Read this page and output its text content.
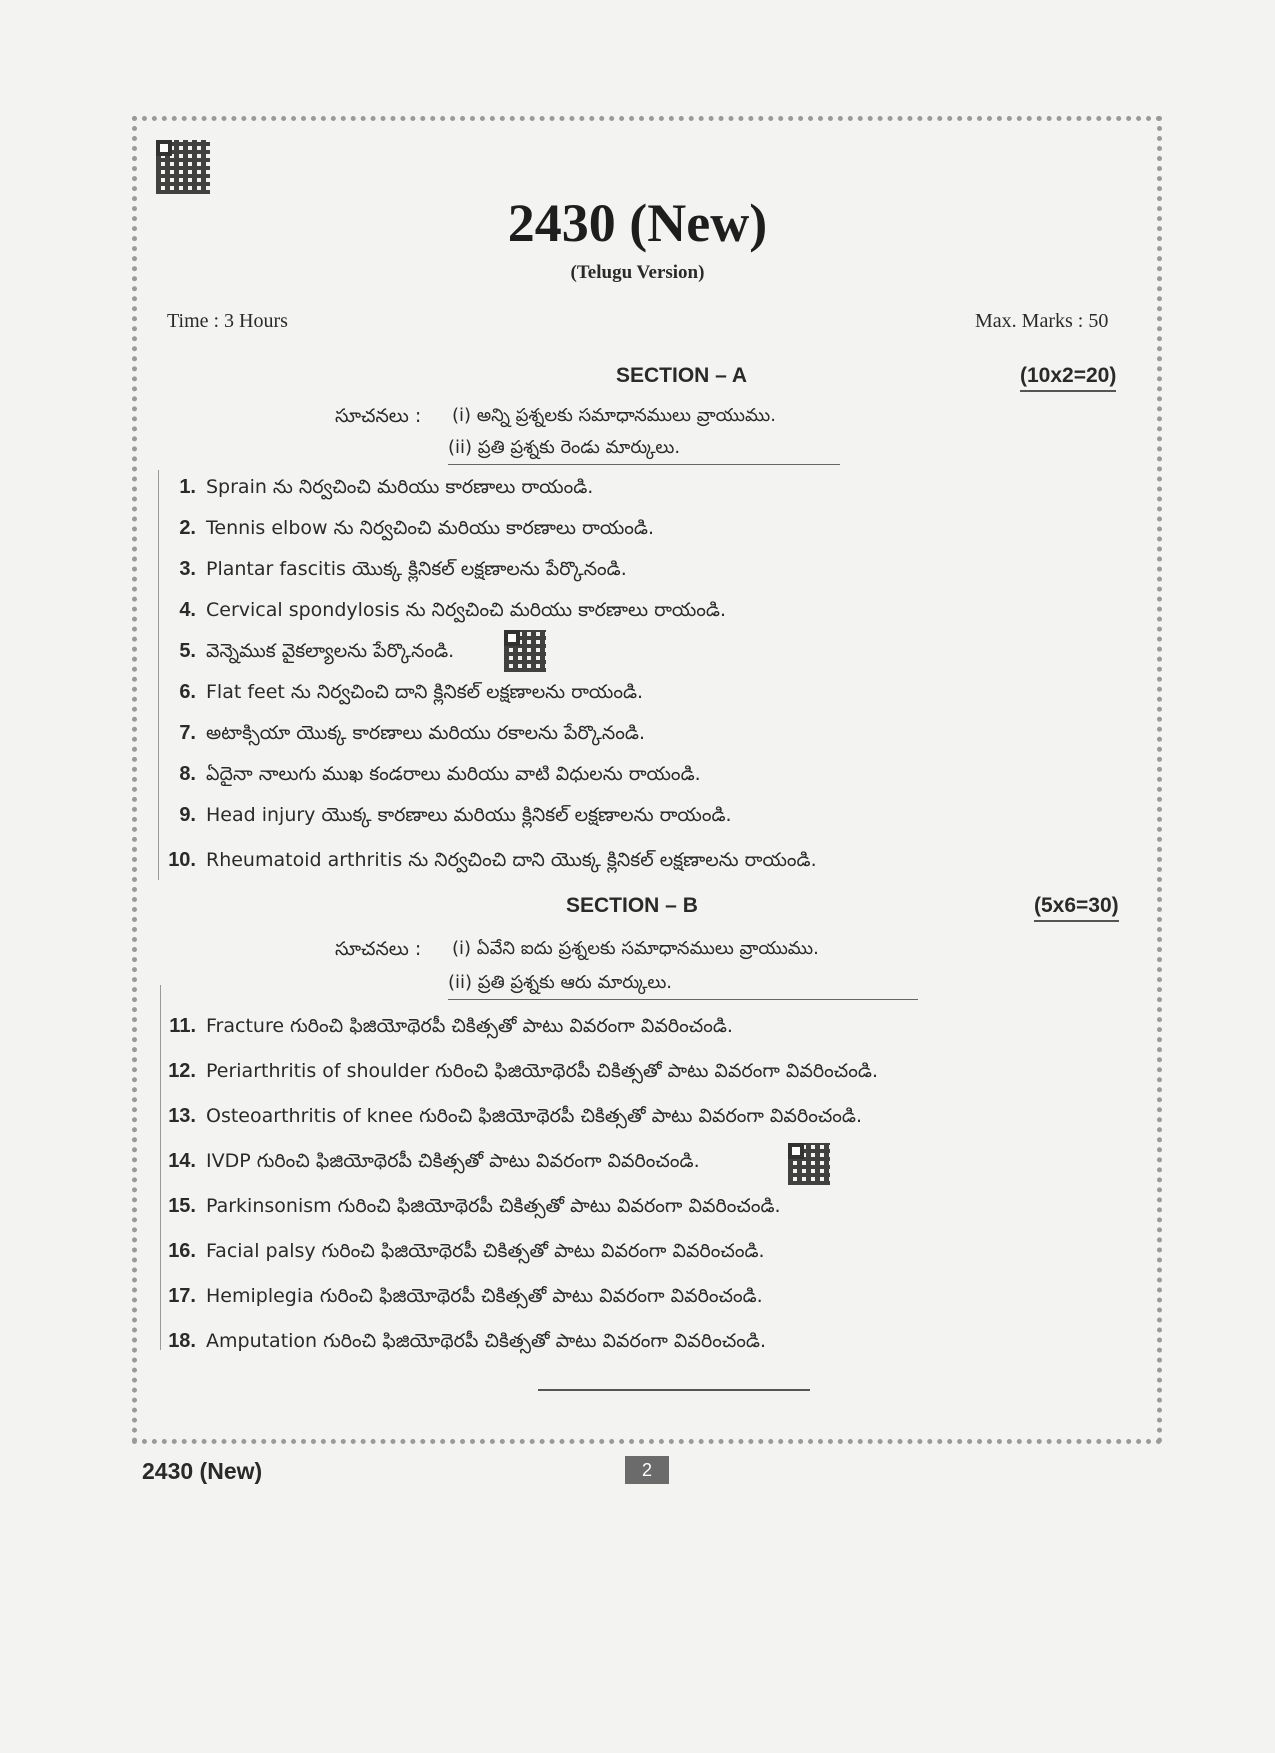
2430 (New)
(Telugu Version)
Time : 3 Hours	Max. Marks : 50
SECTION – A	(10x2=20)
సూచనలు : (i) అన్ని ప్రశ్నలకు సమాధానములు వ్రాయుము.
(ii) ప్రతి ప్రశ్నకు రెండు మార్కులు.
1. Sprain ను నిర్వచించి మరియు కారణాలు రాయండి.
2. Tennis elbow ను నిర్వచించి మరియు కారణాలు రాయండి.
3. Plantar fascitis యొక్క క్లినికల్ లక్షణాలను పేర్కొనండి.
4. Cervical spondylosis ను నిర్వచించి మరియు కారణాలు రాయండి.
5. వెన్నెముక వైకల్యాలను పేర్కొనండి.
6. Flat feet ను నిర్వచించి దాని క్లినికల్ లక్షణాలను రాయండి.
7. అటాక్సియా యొక్క కారణాలు మరియు రకాలను పేర్కొనండి.
8. ఏదైనా నాలుగు ముఖ కండరాలు మరియు వాటి విధులను రాయండి.
9. Head injury యొక్క కారణాలు మరియు క్లినికల్ లక్షణాలను రాయండి.
10. Rheumatoid arthritis ను నిర్వచించి దాని యొక్క క్లినికల్ లక్షణాలను రాయండి.
SECTION – B	(5x6=30)
సూచనలు : (i) ఏవేని ఐదు ప్రశ్నలకు సమాధానములు వ్రాయుము.
(ii) ప్రతి ప్రశ్నకు ఆరు మార్కులు.
11. Fracture గురించి ఫిజియోథెరపీ చికిత్సతో పాటు వివరంగా వివరించండి.
12. Periarthritis of shoulder గురించి ఫిజియోథెరపీ చికిత్సతో పాటు వివరంగా వివరించండి.
13. Osteoarthritis of knee గురించి ఫిజియోథెరపీ చికిత్సతో పాటు వివరంగా వివరించండి.
14. IVDP గురించి ఫిజియోథెరపీ చికిత్సతో పాటు వివరంగా వివరించండి.
15. Parkinsonism గురించి ఫిజియోథెరపీ చికిత్సతో పాటు వివరంగా వివరించండి.
16. Facial palsy గురించి ఫిజియోథెరపీ చికిత్సతో పాటు వివరంగా వివరించండి.
17. Hemiplegia గురించి ఫిజియోథెరపీ చికిత్సతో పాటు వివరంగా వివరించండి.
18. Amputation గురించి ఫిజియోథెరపీ చికిత్సతో పాటు వివరంగా వివరించండి.
2430 (New)	2
